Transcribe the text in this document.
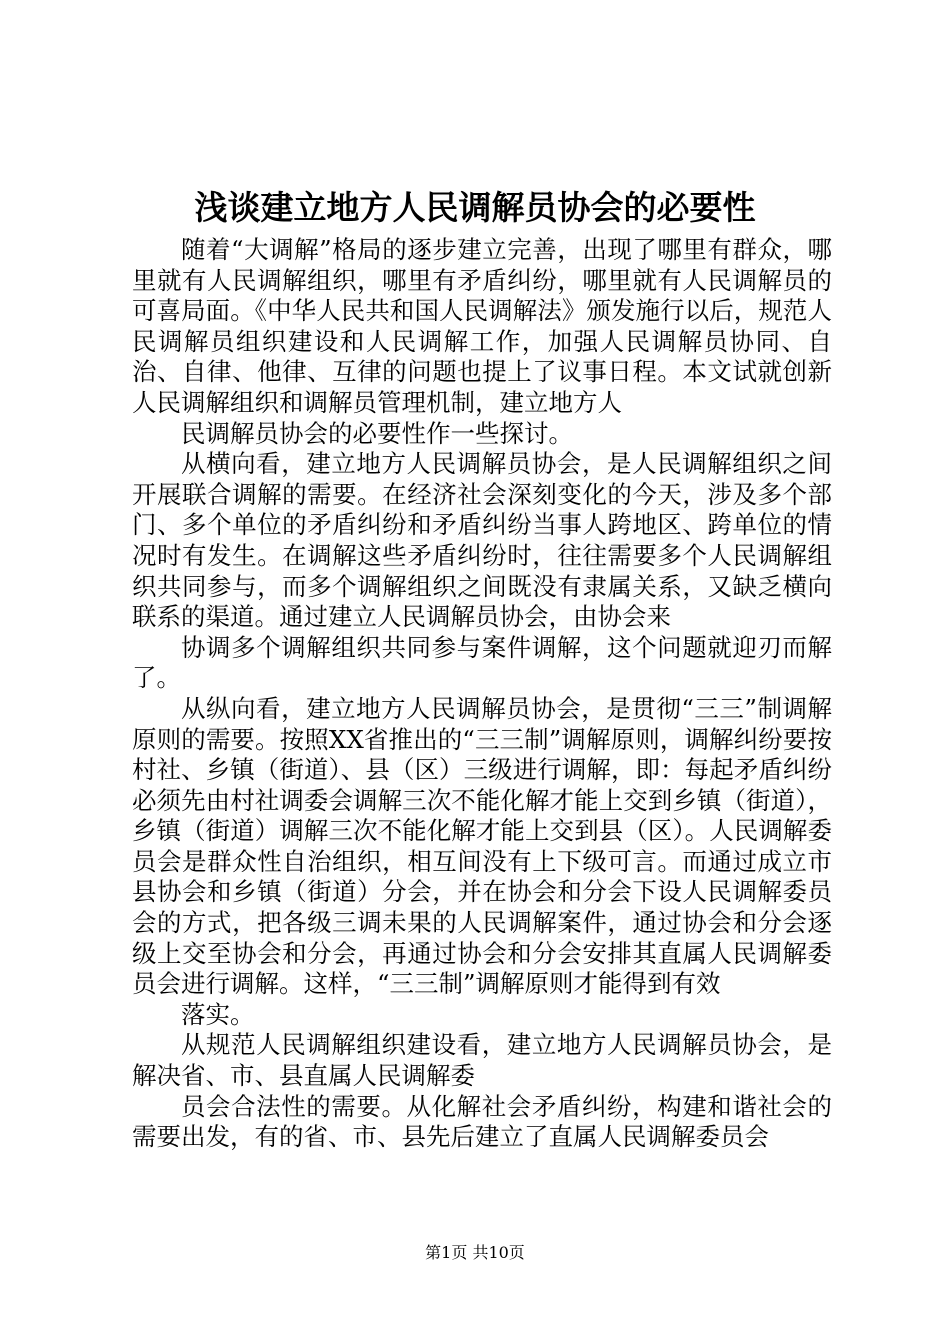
浅谈建立地方人民调解员协会的必要性

随着“大调解”格局的逐步建立完善，出现了哪里有群众，哪里就有人民调解组织，哪里有矛盾纠纷，哪里就有人民调解员的可喜局面。《中华人民共和国人民调解法》颁发施行以后，规范人民调解员组织建设和人民调解工作，加强人民调解员协同、自治、自律、他律、互律的问题也提上了议事日程。本文试就创新人民调解组织和调解员管理机制，建立地方人

民调解员协会的必要性作一些探讨。

从横向看，建立地方人民调解员协会，是人民调解组织之间开展联合调解的需要。在经济社会深刻变化的今天，涉及多个部门、多个单位的矛盾纠纷和矛盾纠纷当事人跨地区、跨单位的情况时有发生。在调解这些矛盾纠纷时，往往需要多个人民调解组织共同参与，而多个调解组织之间既没有隶属关系，又缺乏横向联系的渠道。通过建立人民调解员协会，由协会来

协调多个调解组织共同参与案件调解，这个问题就迎刃而解了。

从纵向看，建立地方人民调解员协会，是贯彻“三三”制调解原则的需要。按照XX省推出的“三三制”调解原则，调解纠纷要按村社、乡镇（街道）、县（区）三级进行调解，即：每起矛盾纠纷必须先由村社调委会调解三次不能化解才能上交到乡镇（街道），乡镇（街道）调解三次不能化解才能上交到县（区）。人民调解委员会是群众性自治组织，相互间没有上下级可言。而通过成立市县协会和乡镇（街道）分会，并在协会和分会下设人民调解委员会的方式，把各级三调未果的人民调解案件，通过协会和分会逐级上交至协会和分会，再通过协会和分会安排其直属人民调解委员会进行调解。这样，“三三制”调解原则才能得到有效

落实。

从规范人民调解组织建设看，建立地方人民调解员协会，是解决省、市、县直属人民调解委

员会合法性的需要。从化解社会矛盾纠纷，构建和谐社会的需要出发，有的省、市、县先后建立了直属人民调解委员会

第1页 共10页
